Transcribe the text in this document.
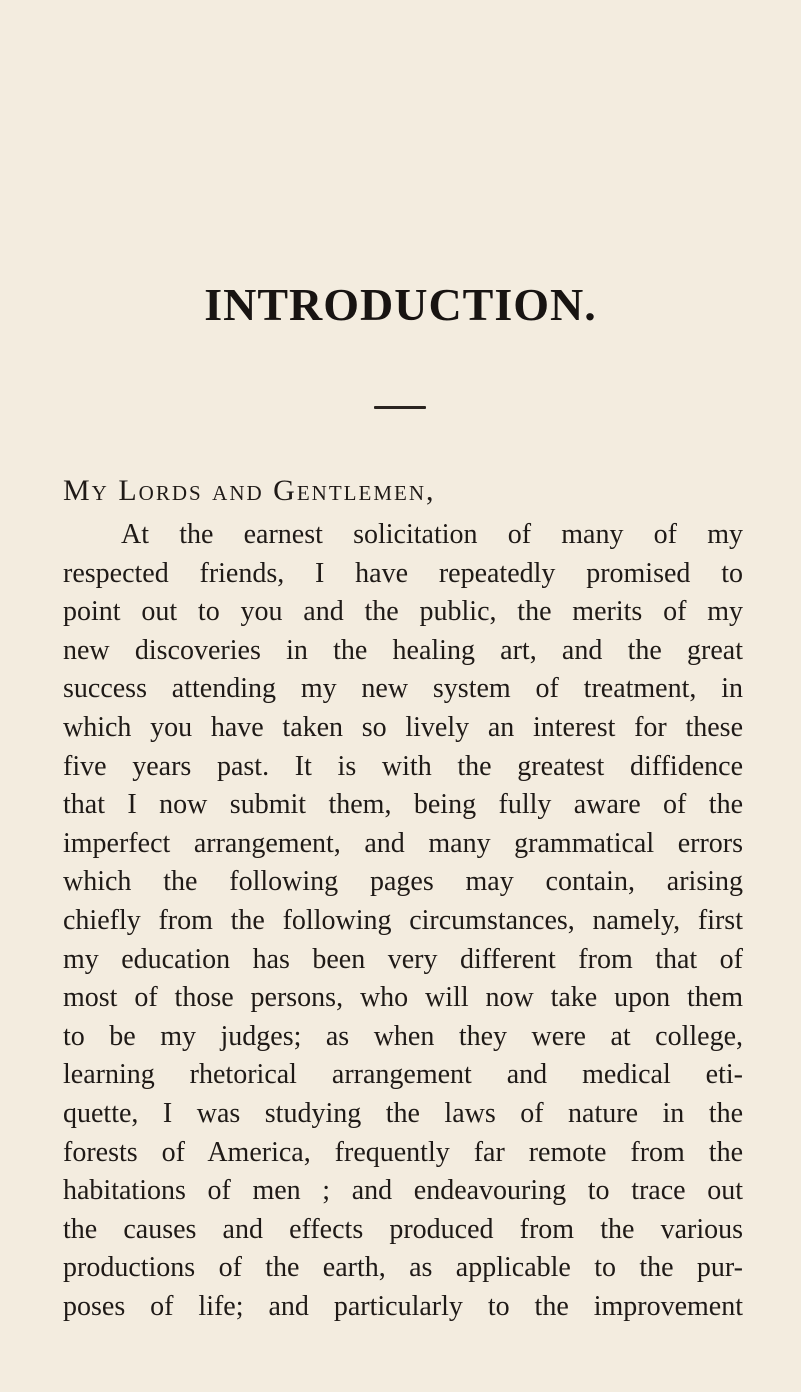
INTRODUCTION.
My Lords and Gentlemen,
At the earnest solicitation of many of my
respected friends, I have repeatedly promised to
point out to you and the public, the merits of my
new discoveries in the healing art, and the great
success attending my new system of treatment, in
which you have taken so lively an interest for these
five years past. It is with the greatest diffidence
that I now submit them, being fully aware of the
imperfect arrangement, and many grammatical errors
which the following pages may contain, arising
chiefly from the following circumstances, namely, first
my education has been very different from that of
most of those persons, who will now take upon them
to be my judges; as when they were at college,
learning rhetorical arrangement and medical eti-
quette, I was studying the laws of nature in the
forests of America, frequently far remote from the
habitations of men ; and endeavouring to trace out
the causes and effects produced from the various
productions of the earth, as applicable to the pur-
poses of life; and particularly to the improvement
